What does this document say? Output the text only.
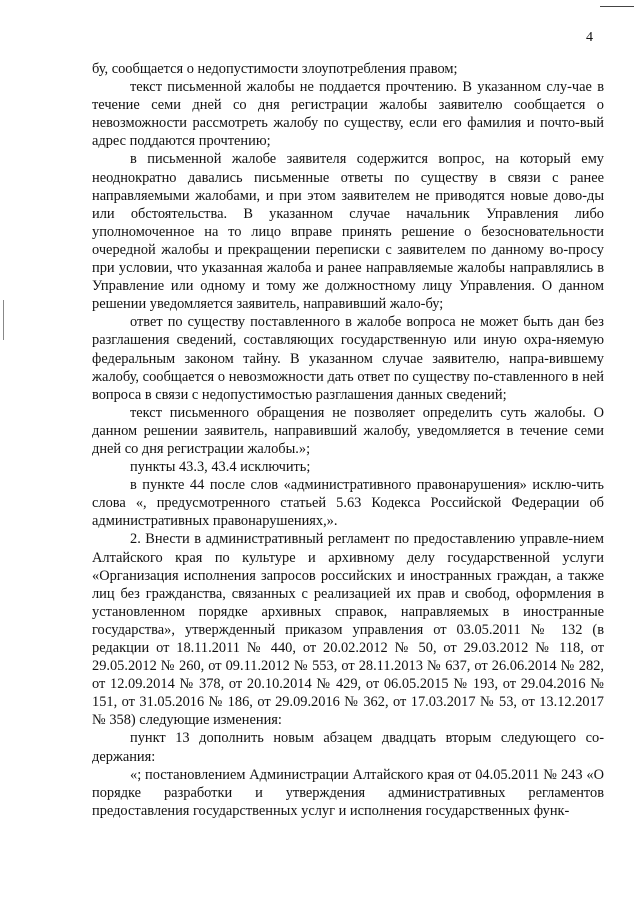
4

бу, сообщается о недопустимости злоупотребления правом;

текст письменной жалобы не поддается прочтению. В указанном слу-чае в течение семи дней со дня регистрации жалобы заявителю сообщается о невозможности рассмотреть жалобу по существу, если его фамилия и почто-вый адрес поддаются прочтению;

в письменной жалобе заявителя содержится вопрос, на который ему неоднократно давались письменные ответы по существу в связи с ранее направляемыми жалобами, и при этом заявителем не приводятся новые дово-ды или обстоятельства. В указанном случае начальник Управления либо уполномоченное на то лицо вправе принять решение о безосновательности очередной жалобы и прекращении переписки с заявителем по данному во-просу при условии, что указанная жалоба и ранее направляемые жалобы направлялись в Управление или одному и тому же должностному лицу Управления. О данном решении уведомляется заявитель, направивший жало-бу;

ответ по существу поставленного в жалобе вопроса не может быть дан без разглашения сведений, составляющих государственную или иную охра-няемую федеральным законом тайну. В указанном случае заявителю, напра-вившему жалобу, сообщается о невозможности дать ответ по существу по-ставленного в ней вопроса в связи с недопустимостью разглашения данных сведений;

текст письменного обращения не позволяет определить суть жалобы. О данном решении заявитель, направивший жалобу, уведомляется в течение семи дней со дня регистрации жалобы.»;

пункты 43.3, 43.4 исключить;

в пункте 44 после слов «административного правонарушения» исклю-чить слова «, предусмотренного статьей 5.63 Кодекса Российской Федерации об административных правонарушениях,».

2. Внести в административный регламент по предоставлению управле-нием Алтайского края по культуре и архивному делу государственной услуги «Организация исполнения запросов российских и иностранных граждан, а также лиц без гражданства, связанных с реализацией их прав и свобод, оформления в установленном порядке архивных справок, направляемых в иностранные государства», утвержденный приказом управления от 03.05.2011 № 132 (в редакции от 18.11.2011 № 440, от 20.02.2012 № 50, от 29.03.2012 № 118, от 29.05.2012 № 260, от 09.11.2012 № 553, от 28.11.2013 № 637, от 26.06.2014 № 282, от 12.09.2014 № 378, от 20.10.2014 № 429, от 06.05.2015 № 193, от 29.04.2016 № 151, от 31.05.2016 № 186, от 29.09.2016 № 362, от 17.03.2017 № 53, от 13.12.2017 № 358) следующие изменения:

пункт 13 дополнить новым абзацем двадцать вторым следующего со-держания:

«; постановлением Администрации Алтайского края от 04.05.2011 № 243 «О порядке разработки и утверждения административных регламентов предоставления государственных услуг и исполнения государственных функ-
